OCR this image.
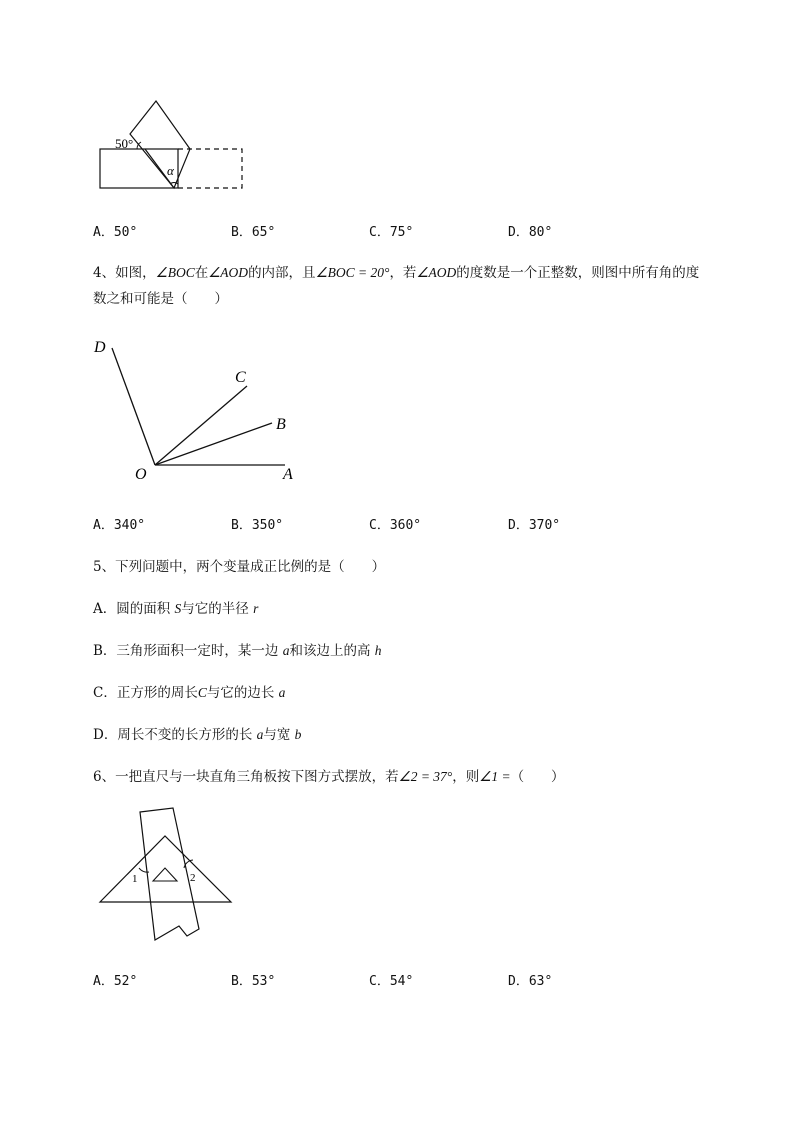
50°
α
A．50°	B．65°	C．75°	D．80°
4、如图，∠BOC在∠AOD的内部，且∠BOC = 20°，若∠AOD的度数是一个正整数，则图中所有角的度
数之和可能是（　　）
D
C
B
O	A
A．340°	B．350°	C．360°	D．370°
5、下列问题中，两个变量成正比例的是（　　）
A．圆的面积 S与它的半径 r
B．三角形面积一定时，某一边 a和该边上的高 h
C．正方形的周长C与它的边长 a
D．周长不变的长方形的长 a与宽 b
6、一把直尺与一块直角三角板按下图方式摆放，若∠2 = 37°，则∠1 =（　　）
1	2
A．52°	B．53°	C．54°	D．63°
